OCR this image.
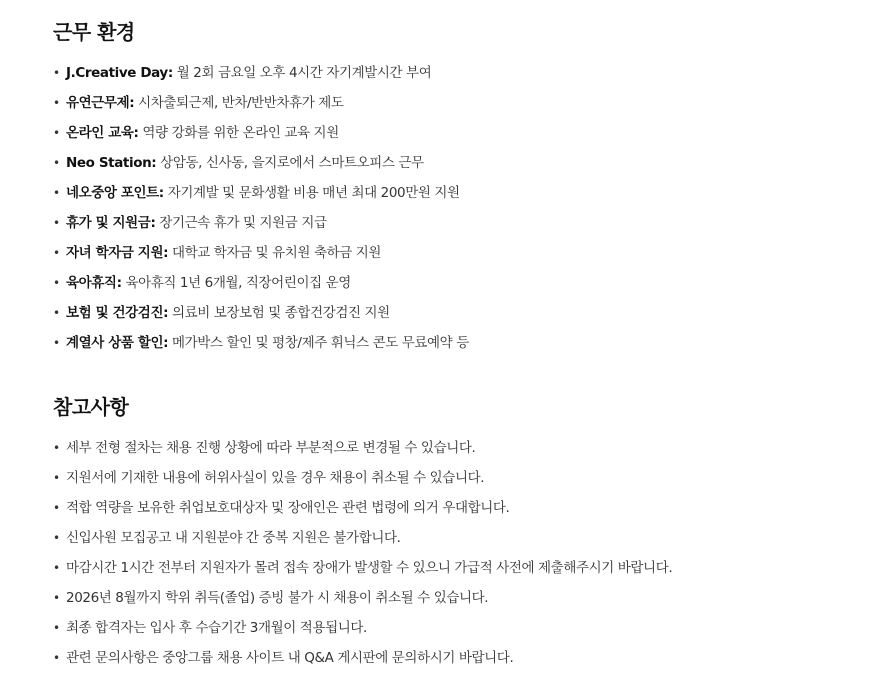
근무 환경
• J.Creative Day: 월 2회 금요일 오후 4시간 자기계발시간 부여
• 유연근무제: 시차출퇴근제, 반차/반반차휴가 제도
• 온라인 교육: 역량 강화를 위한 온라인 교육 지원
• Neo Station: 상암동, 신사동, 을지로에서 스마트오피스 근무
• 네오중앙 포인트: 자기계발 및 문화생활 비용 매년 최대 200만원 지원
• 휴가 및 지원금: 장기근속 휴가 및 지원금 지급
• 자녀 학자금 지원: 대학교 학자금 및 유치원 축하금 지원
• 육아휴직: 육아휴직 1년 6개월, 직장어린이집 운영
• 보험 및 건강검진: 의료비 보장보험 및 종합건강검진 지원
• 계열사 상품 할인: 메가박스 할인 및 평창/제주 휘닉스 콘도 무료예약 등
참고사항
• 세부 전형 절차는 채용 진행 상황에 따라 부분적으로 변경될 수 있습니다.
• 지원서에 기재한 내용에 허위사실이 있을 경우 채용이 취소될 수 있습니다.
• 적합 역량을 보유한 취업보호대상자 및 장애인은 관련 법령에 의거 우대합니다.
• 신입사원 모집공고 내 지원분야 간 중복 지원은 불가합니다.
• 마감시간 1시간 전부터 지원자가 몰려 접속 장애가 발생할 수 있으니 가급적 사전에 제출해주시기 바랍니다.
• 2026년 8월까지 학위 취득(졸업) 증빙 불가 시 채용이 취소될 수 있습니다.
• 최종 합격자는 입사 후 수습기간 3개월이 적용됩니다.
• 관련 문의사항은 중앙그룹 채용 사이트 내 Q&A 게시판에 문의하시기 바랍니다.
